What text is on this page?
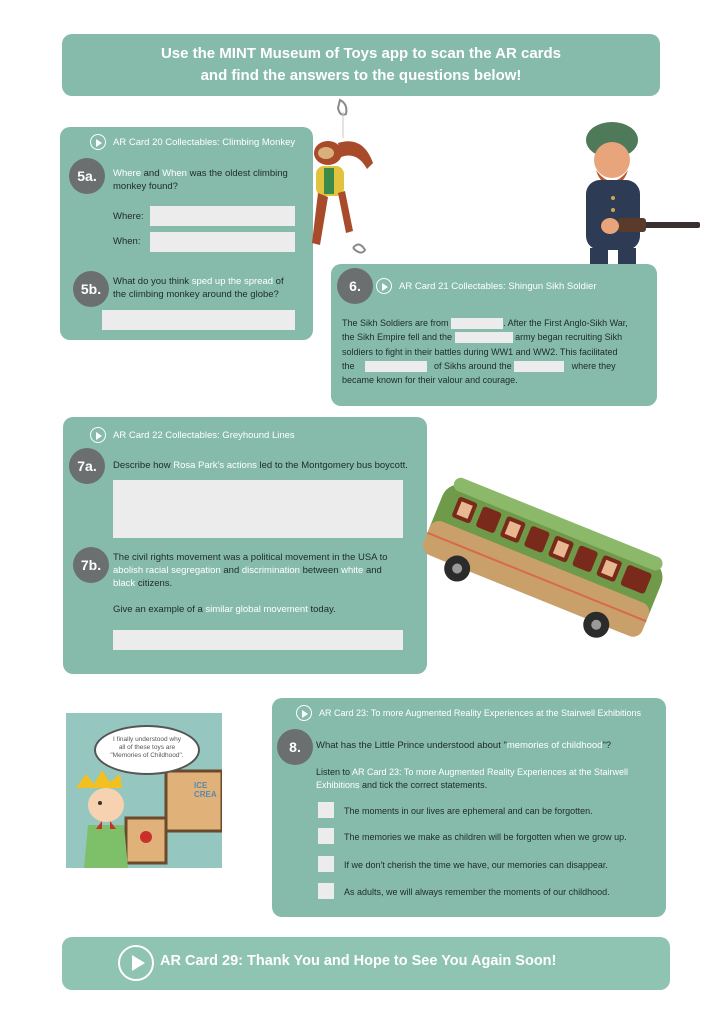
Use the MINT Museum of Toys app to scan the AR cards
and find the answers to the questions below!
AR Card 20 Collectables: Climbing Monkey
5a.	Where and When was the oldest climbing
monkey found?
Where:
When:
5b.	What do you think sped up the spread of
the climbing monkey around the globe?
6.	AR Card 21 Collectables: Shingun Sikh Soldier
The Sikh Soldiers are from	. After the First Anglo-Sikh War,
the Sikh Empire fell and the	army began recruiting Sikh
soldiers to fight in their battles during WW1 and WW2. This facilitated
the	of Sikhs around the	where they
became known for their valour and courage.
AR Card 22 Collectables: Greyhound Lines
7a.	Describe how Rosa Park's actions led to the Montgomery bus boycott.
7b.	The civil rights movement was a political movement in the USA to
abolish racial segregation and discrimination between white and
black citizens.
Give an example of a similar global movement today.
I finally understood why
all of these toys are
"Memories of Childhood".
ICE
CREA
AR Card 23: To more Augmented Reality Experiences at the Stairwell Exhibitions
8.	What has the Little Prince understood about "memories of childhood"?
Listen to AR Card 23: To more Augmented Reality Experiences at the Stairwell
Exhibitions and tick the correct statements.
The moments in our lives are ephemeral and can be forgotten.
The memories we make as children will be forgotten when we grow up.
If we don't cherish the time we have, our memories can disappear.
As adults, we will always remember the moments of our childhood.
AR Card 29: Thank You and Hope to See You Again Soon!
